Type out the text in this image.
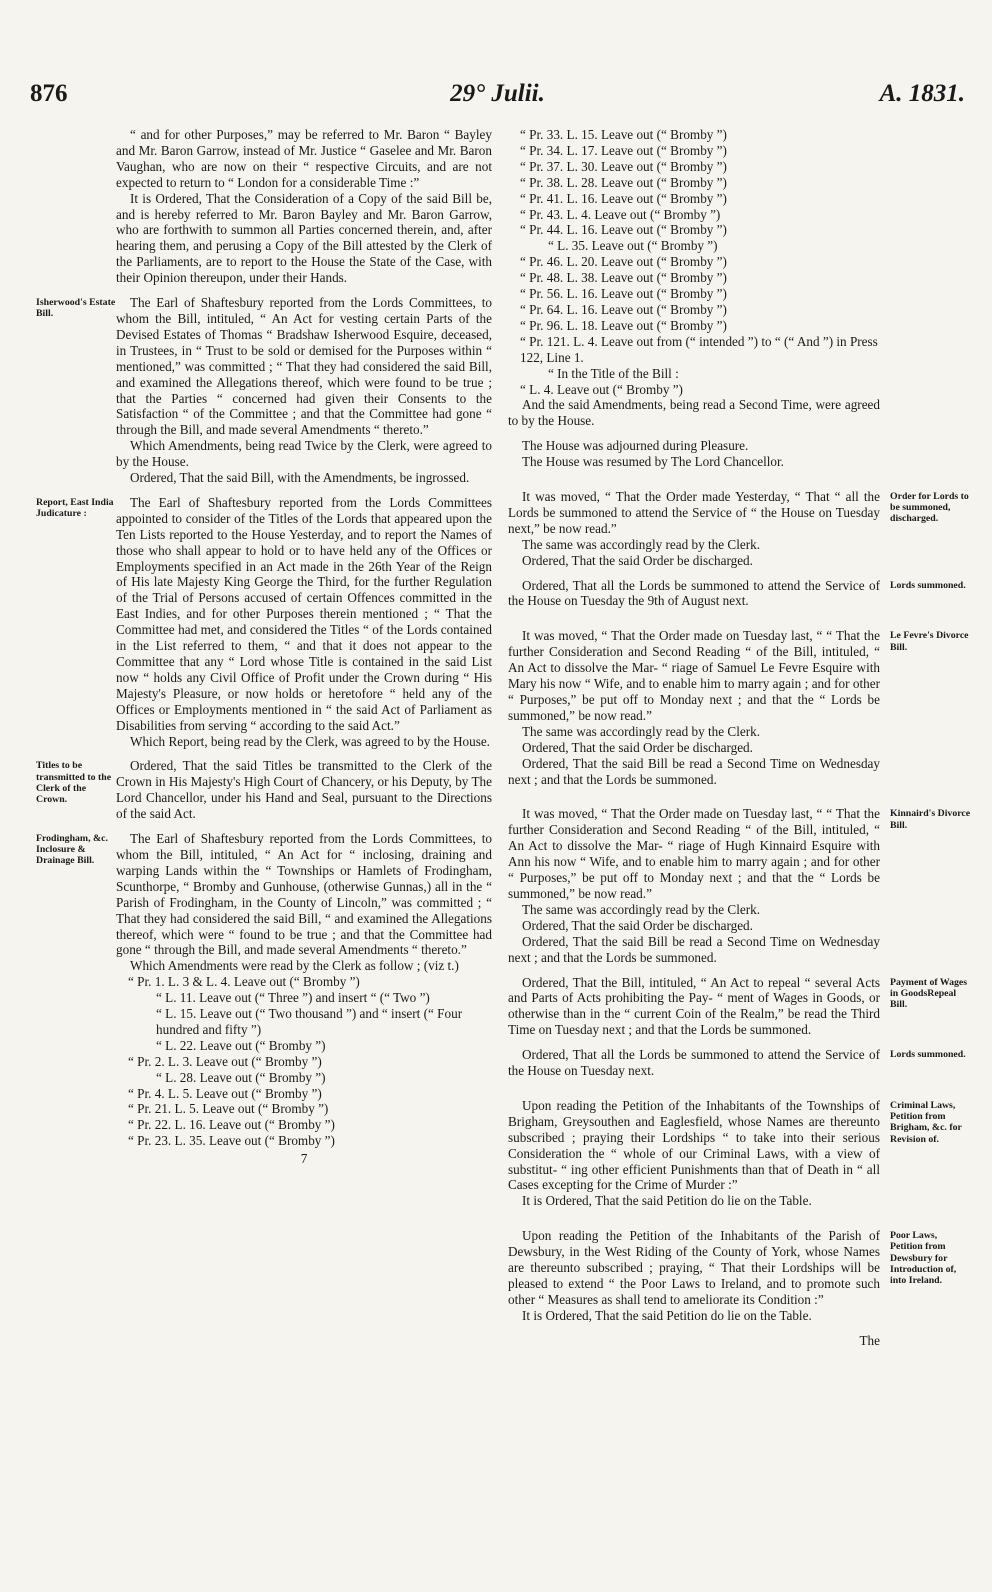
876	29° Julii.	A. 1831.

“ and for other Purposes,” may be referred to Mr. Baron “ Bayley and Mr. Baron Garrow, instead of Mr. Justice “ Gaselee and Mr. Baron Vaughan, who are now on their “ respective Circuits, and are not expected to return to “ London for a considerable Time :”

It is Ordered, That the Consideration of a Copy of the said Bill be, and is hereby referred to Mr. Baron Bayley and Mr. Baron Garrow, who are forthwith to summon all Parties concerned therein, and, after hearing them, and perusing a Copy of the Bill attested by the Clerk of the Parliaments, are to report to the House the State of the Case, with their Opinion thereupon, under their Hands.

Isherwood's Estate Bill.

The Earl of Shaftesbury reported from the Lords Committees, to whom the Bill, intituled, “ An Act for vesting certain Parts of the Devised Estates of Thomas “ Bradshaw Isherwood Esquire, deceased, in Trustees, in “ Trust to be sold or demised for the Purposes within “ mentioned,” was committed ; “ That they had considered the said Bill, and examined the Allegations thereof, which were found to be true ; that the Parties “ concerned had given their Consents to the Satisfaction “ of the Committee ; and that the Committee had gone “ through the Bill, and made several Amendments “ thereto.”

Which Amendments, being read Twice by the Clerk, were agreed to by the House.

Ordered, That the said Bill, with the Amendments, be ingrossed.

Report, East India Judicature :

The Earl of Shaftesbury reported from the Lords Committees appointed to consider of the Titles of the Lords that appeared upon the Ten Lists reported to the House Yesterday, and to report the Names of those who shall appear to hold or to have held any of the Offices or Employments specified in an Act made in the 26th Year of the Reign of His late Majesty King George the Third, for the further Regulation of the Trial of Persons accused of certain Offences committed in the East Indies, and for other Purposes therein mentioned ; “ That the Committee had met, and considered the Titles “ of the Lords contained in the List referred to them, “ and that it does not appear to the Committee that any “ Lord whose Title is contained in the said List now “ holds any Civil Office of Profit under the Crown during “ His Majesty's Pleasure, or now holds or heretofore “ held any of the Offices or Employments mentioned in “ the said Act of Parliament as Disabilities from serving “ according to the said Act.”

Which Report, being read by the Clerk, was agreed to by the House.

Titles to be transmitted to the Clerk of the Crown.

Ordered, That the said Titles be transmitted to the Clerk of the Crown in His Majesty's High Court of Chancery, or his Deputy, by The Lord Chancellor, under his Hand and Seal, pursuant to the Directions of the said Act.

Frodingham, &c. Inclosure & Drainage Bill.

The Earl of Shaftesbury reported from the Lords Committees, to whom the Bill, intituled, “ An Act for “ inclosing, draining and warping Lands within the “ Townships or Hamlets of Frodingham, Scunthorpe, “ Bromby and Gunhouse, (otherwise Gunnas,) all in the “ Parish of Frodingham, in the County of Lincoln,” was committed ; “ That they had considered the said Bill, “ and examined the Allegations thereof, which were “ found to be true ; and that the Committee had gone “ through the Bill, and made several Amendments “ thereto.”

Which Amendments were read by the Clerk as follow ; (viz t.)

“ Pr. 1. L. 3 & L. 4. Leave out (“ Bromby ”)

“ L. 11. Leave out (“ Three ”) and insert “ (“ Two ”)

“ L. 15. Leave out (“ Two thousand ”) and “ insert (“ Four hundred and fifty ”)

“ L. 22. Leave out (“ Bromby ”)

“ Pr. 2. L. 3. Leave out (“ Bromby ”)

“ L. 28. Leave out (“ Bromby ”)

“ Pr. 4. L. 5. Leave out (“ Bromby ”)

“ Pr. 21. L. 5. Leave out (“ Bromby ”)

“ Pr. 22. L. 16. Leave out (“ Bromby ”)

“ Pr. 23. L. 35. Leave out (“ Bromby ”)

7

“ Pr. 33. L. 15. Leave out (“ Bromby ”)

“ Pr. 34. L. 17. Leave out (“ Bromby ”)

“ Pr. 37. L. 30. Leave out (“ Bromby ”)

“ Pr. 38. L. 28. Leave out (“ Bromby ”)

“ Pr. 41. L. 16. Leave out (“ Bromby ”)

“ Pr. 43. L. 4. Leave out (“ Bromby ”)

“ Pr. 44. L. 16. Leave out (“ Bromby ”)

“ L. 35. Leave out (“ Bromby ”)

“ Pr. 46. L. 20. Leave out (“ Bromby ”)

“ Pr. 48. L. 38. Leave out (“ Bromby ”)

“ Pr. 56. L. 16. Leave out (“ Bromby ”)

“ Pr. 64. L. 16. Leave out (“ Bromby ”)

“ Pr. 96. L. 18. Leave out (“ Bromby ”)

“ Pr. 121. L. 4. Leave out from (“ intended ”) to “ (“ And ”) in Press 122, Line 1.

“ In the Title of the Bill :

“ L. 4. Leave out (“ Bromby ”)

And the said Amendments, being read a Second Time, were agreed to by the House.

The House was adjourned during Pleasure.

The House was resumed by The Lord Chancellor.

Order for Lords to be summoned, discharged.

It was moved, “ That the Order made Yesterday, “ That “ all the Lords be summoned to attend the Service of “ the House on Tuesday next,” be now read.”

The same was accordingly read by the Clerk.

Ordered, That the said Order be discharged.

Lords summoned.

Ordered, That all the Lords be summoned to attend the Service of the House on Tuesday the 9th of August next.

Le Fevre's Divorce Bill.

It was moved, “ That the Order made on Tuesday last, “ “ That the further Consideration and Second Reading “ of the Bill, intituled, “ An Act to dissolve the Mar- “ riage of Samuel Le Fevre Esquire with Mary his now “ Wife, and to enable him to marry again ; and for other “ Purposes,” be put off to Monday next ; and that the “ Lords be summoned,” be now read.”

The same was accordingly read by the Clerk.

Ordered, That the said Order be discharged.

Ordered, That the said Bill be read a Second Time on Wednesday next ; and that the Lords be summoned.

Kinnaird's Divorce Bill.

It was moved, “ That the Order made on Tuesday last, “ “ That the further Consideration and Second Reading “ of the Bill, intituled, “ An Act to dissolve the Mar- “ riage of Hugh Kinnaird Esquire with Ann his now “ Wife, and to enable him to marry again ; and for other “ Purposes,” be put off to Monday next ; and that the “ Lords be summoned,” be now read.”

The same was accordingly read by the Clerk.

Ordered, That the said Order be discharged.

Ordered, That the said Bill be read a Second Time on Wednesday next ; and that the Lords be summoned.

Payment of Wages in GoodsRepeal Bill.

Ordered, That the Bill, intituled, “ An Act to repeal “ several Acts and Parts of Acts prohibiting the Pay- “ ment of Wages in Goods, or otherwise than in the “ current Coin of the Realm,” be read the Third Time on Tuesday next ; and that the Lords be summoned.

Lords summoned.

Ordered, That all the Lords be summoned to attend the Service of the House on Tuesday next.

Criminal Laws, Petition from Brigham, &c. for Revision of.

Upon reading the Petition of the Inhabitants of the Townships of Brigham, Greysouthen and Eaglesfield, whose Names are thereunto subscribed ; praying their Lordships “ to take into their serious Consideration the “ whole of our Criminal Laws, with a view of substitut- “ ing other efficient Punishments than that of Death in “ all Cases excepting for the Crime of Murder :”

It is Ordered, That the said Petition do lie on the Table.

Poor Laws, Petition from Dewsbury for Introduction of, into Ireland.

Upon reading the Petition of the Inhabitants of the Parish of Dewsbury, in the West Riding of the County of York, whose Names are thereunto subscribed ; praying, “ That their Lordships will be pleased to extend “ the Poor Laws to Ireland, and to promote such other “ Measures as shall tend to ameliorate its Condition :”

It is Ordered, That the said Petition do lie on the Table.

The
